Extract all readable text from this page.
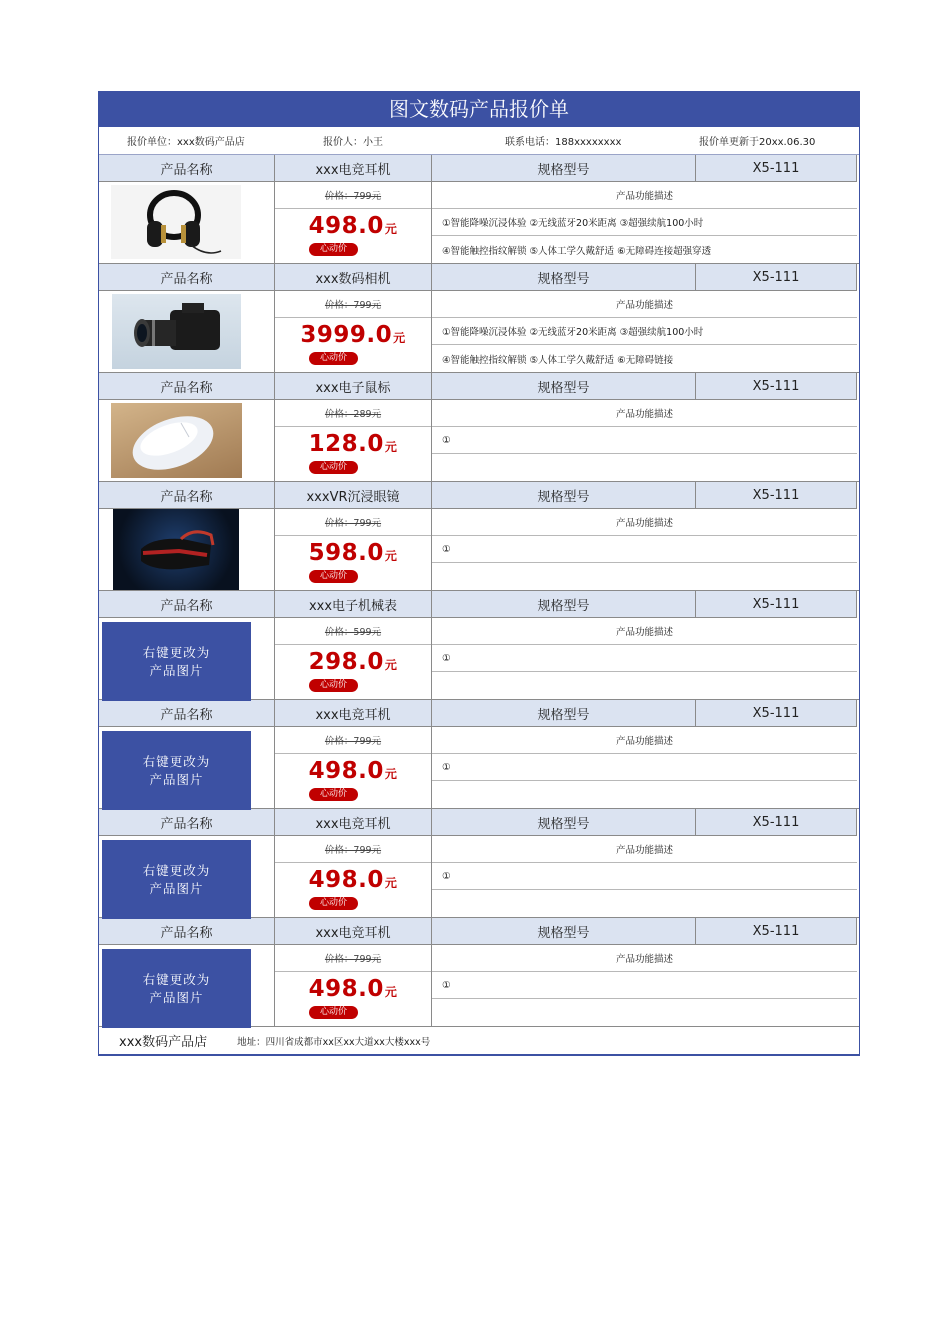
图文数码产品报价单
报价单位：xxx数码产品店	报价人：小王	联系电话：188xxxxxxxx	报价单更新于20xx.06.30
产品名称	xxx电竞耳机	规格型号	X5-111
价格：799元
498.0元
心动价
产品功能描述
①智能降噪沉浸体验 ②无线蓝牙20米距离 ③超强续航100小时
④智能触控指纹解锁 ⑤人体工学久戴舒适 ⑥无障碍连接超强穿透
产品名称	xxx数码相机	规格型号	X5-111
价格：799元
3999.0元
心动价
产品功能描述
①智能降噪沉浸体验 ②无线蓝牙20米距离 ③超强续航100小时
④智能触控指纹解锁 ⑤人体工学久戴舒适 ⑥无障碍链接
产品名称	xxx电子鼠标	规格型号	X5-111
价格：289元
128.0元
心动价
产品功能描述
①
产品名称	xxxVR沉浸眼镜	规格型号	X5-111
价格：799元
598.0元
心动价
产品功能描述
①
产品名称	xxx电子机械表	规格型号	X5-111
右键更改为
产品图片
价格：599元
298.0元
心动价
产品功能描述
①
产品名称	xxx电竞耳机	规格型号	X5-111
右键更改为
产品图片
价格：799元
498.0元
心动价
产品功能描述
①
产品名称	xxx电竞耳机	规格型号	X5-111
右键更改为
产品图片
价格：799元
498.0元
心动价
产品功能描述
①
产品名称	xxx电竞耳机	规格型号	X5-111
右键更改为
产品图片
价格：799元
498.0元
心动价
产品功能描述
①
xxx数码产品店	地址：四川省成都市xx区xx大道xx大楼xxx号
